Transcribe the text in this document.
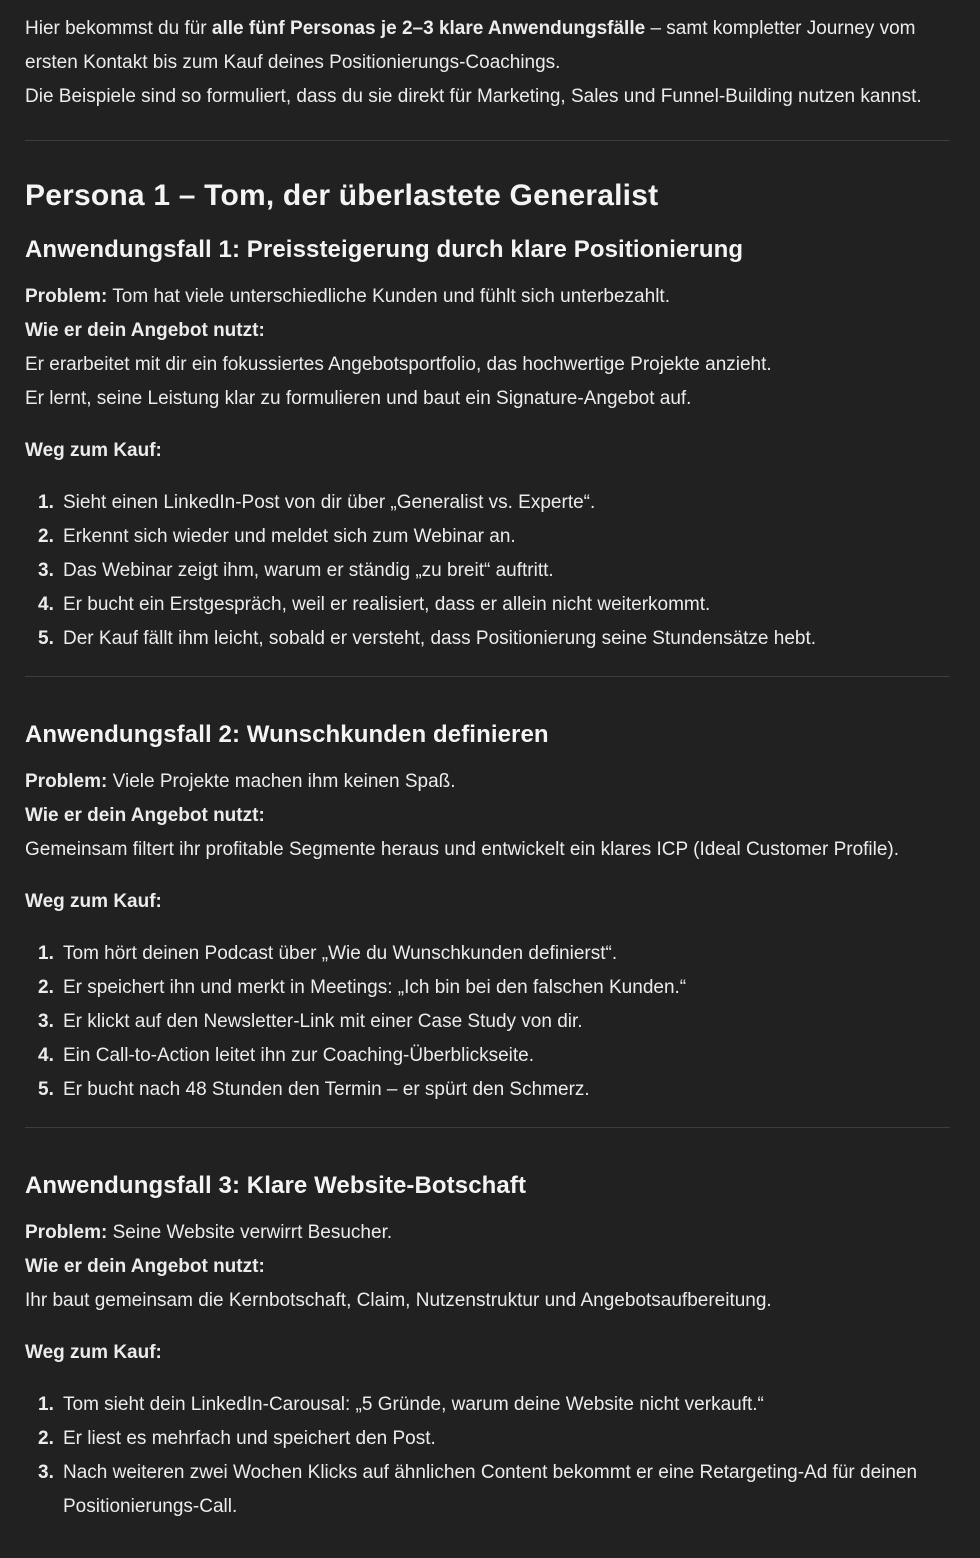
Hier bekommst du für alle fünf Personas je 2–3 klare Anwendungsfälle – samt kompletter Journey vom ersten Kontakt bis zum Kauf deines Positionierungs-Coachings.

Die Beispiele sind so formuliert, dass du sie direkt für Marketing, Sales und Funnel-Building nutzen kannst.

Persona 1 – Tom, der überlastete Generalist
Anwendungsfall 1: Preissteigerung durch klare Positionierung

Problem: Tom hat viele unterschiedliche Kunden und fühlt sich unterbezahlt.

Wie er dein Angebot nutzt:

Er erarbeitet mit dir ein fokussiertes Angebotsportfolio, das hochwertige Projekte anzieht.

Er lernt, seine Leistung klar zu formulieren und baut ein Signature-Angebot auf.

Weg zum Kauf:

1. Sieht einen LinkedIn-Post von dir über „Generalist vs. Experte“.
2. Erkennt sich wieder und meldet sich zum Webinar an.
3. Das Webinar zeigt ihm, warum er ständig „zu breit“ auftritt.
4. Er bucht ein Erstgespräch, weil er realisiert, dass er allein nicht weiterkommt.
5. Der Kauf fällt ihm leicht, sobald er versteht, dass Positionierung seine Stundensätze hebt.
Anwendungsfall 2: Wunschkunden definieren

Problem: Viele Projekte machen ihm keinen Spaß.

Wie er dein Angebot nutzt:

Gemeinsam filtert ihr profitable Segmente heraus und entwickelt ein klares ICP (Ideal Customer Profile).

Weg zum Kauf:

1. Tom hört deinen Podcast über „Wie du Wunschkunden definierst“.
2. Er speichert ihn und merkt in Meetings: „Ich bin bei den falschen Kunden.“
3. Er klickt auf den Newsletter-Link mit einer Case Study von dir.
4. Ein Call-to-Action leitet ihn zur Coaching-Überblickseite.
5. Er bucht nach 48 Stunden den Termin – er spürt den Schmerz.
Anwendungsfall 3: Klare Website-Botschaft

Problem: Seine Website verwirrt Besucher.

Wie er dein Angebot nutzt:

Ihr baut gemeinsam die Kernbotschaft, Claim, Nutzenstruktur und Angebotsaufbereitung.

Weg zum Kauf:

1. Tom sieht dein LinkedIn-Carousal: „5 Gründe, warum deine Website nicht verkauft.“
2. Er liest es mehrfach und speichert den Post.
3. Nach weiteren zwei Wochen Klicks auf ähnlichen Content bekommt er eine Retargeting-Ad für deinen Positionierungs-Call.
